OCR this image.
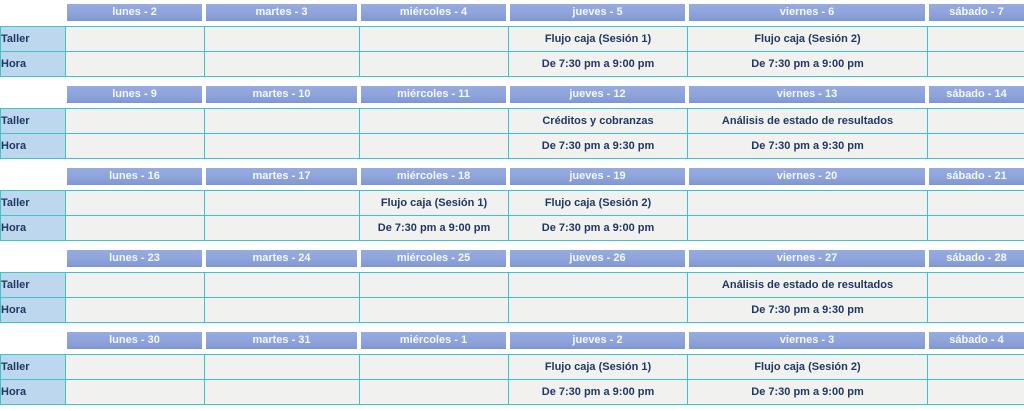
lunes - 2	martes - 3	miércoles - 4	jueves - 5	viernes - 6	sábado - 7
Taller				Flujo caja (Sesión 1)	Flujo caja (Sesión 2)	
Hora				De 7:30 pm a 9:00 pm	De 7:30 pm a 9:00 pm	
lunes - 9	martes - 10	miércoles - 11	jueves - 12	viernes - 13	sábado - 14
Taller				Créditos y cobranzas	Análisis de estado de resultados	
Hora				De 7:30 pm a 9:30 pm	De 7:30 pm a 9:30 pm	
lunes - 16	martes - 17	miércoles - 18	jueves - 19	viernes - 20	sábado - 21
Taller			Flujo caja (Sesión 1)	Flujo caja (Sesión 2)		
Hora			De 7:30 pm a 9:00 pm	De 7:30 pm a 9:00 pm		
lunes - 23	martes - 24	miércoles - 25	jueves - 26	viernes - 27	sábado - 28
Taller					Análisis de estado de resultados	
Hora					De 7:30 pm a 9:30 pm	
lunes - 30	martes - 31	miércoles - 1	jueves - 2	viernes - 3	sábado - 4
Taller				Flujo caja (Sesión 1)	Flujo caja (Sesión 2)	
Hora				De 7:30 pm a 9:00 pm	De 7:30 pm a 9:00 pm	
